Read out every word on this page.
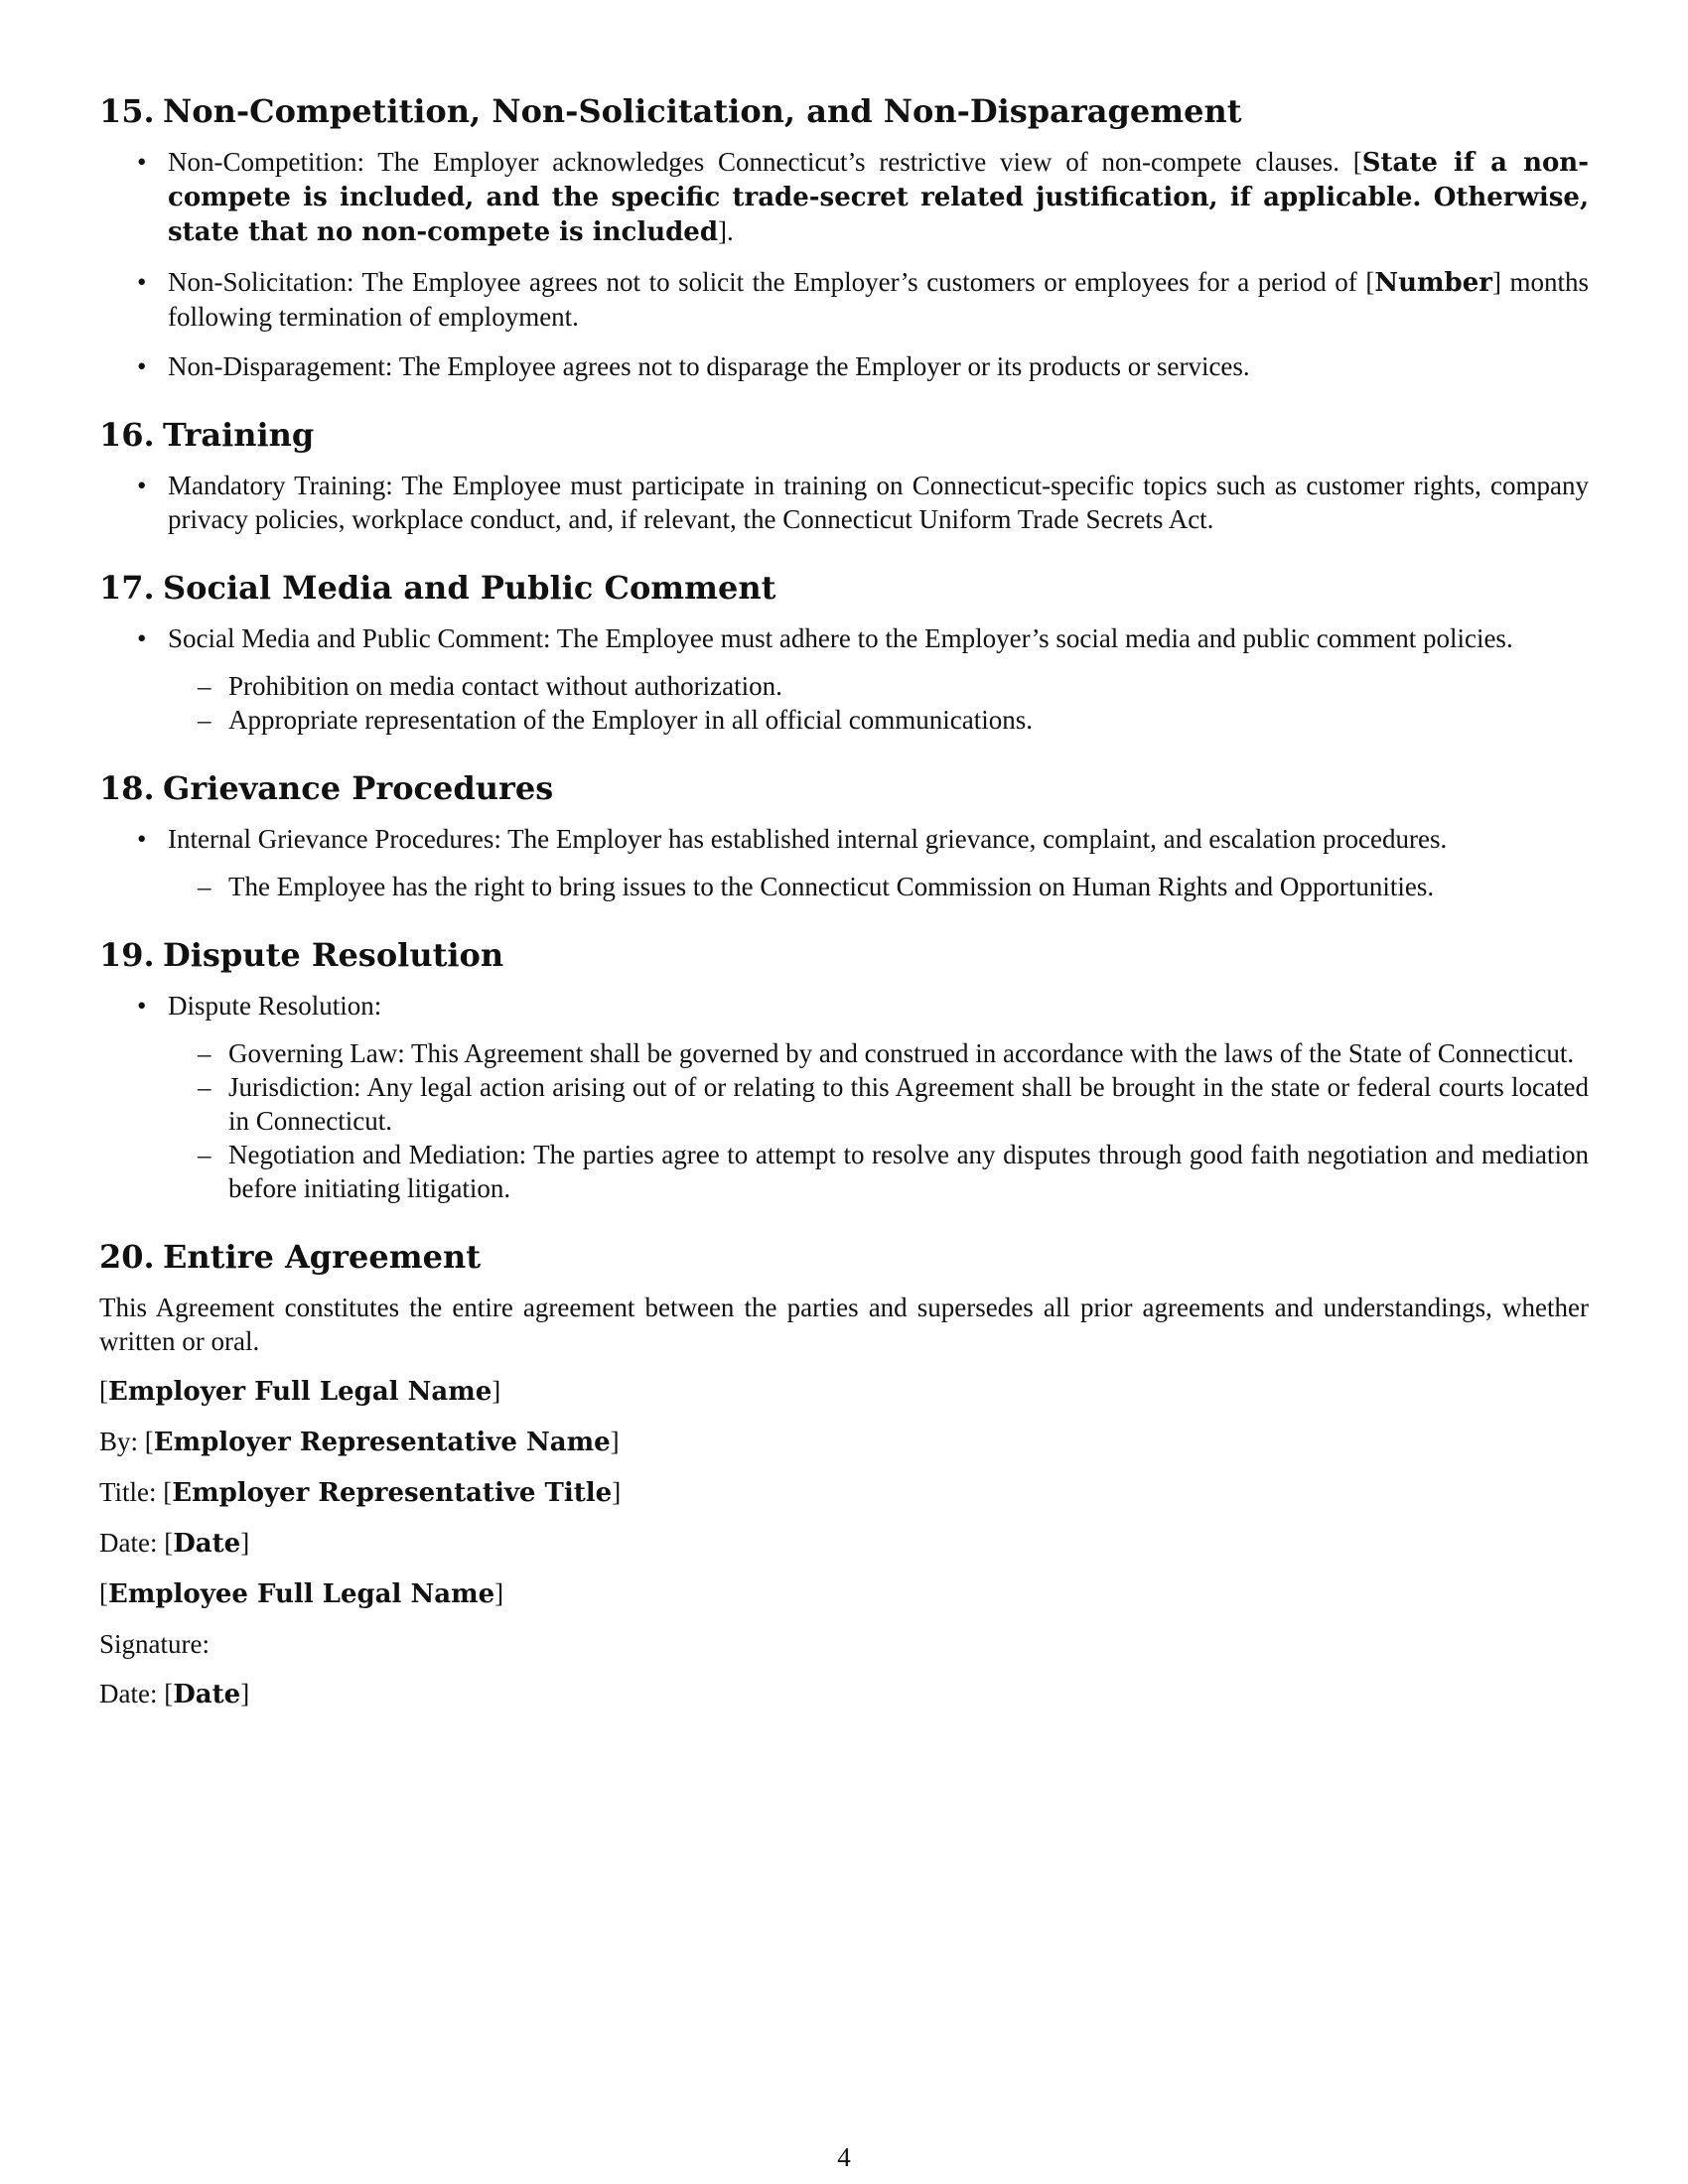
15. Non-Competition, Non-Solicitation, and Non-Disparagement
• Non-Competition: The Employer acknowledges Connecticut’s restrictive view of non-compete clauses. [State if a non-compete is included, and the specific trade-secret related justification, if applicable. Otherwise, state that no non-compete is included].
• Non-Solicitation: The Employee agrees not to solicit the Employer’s customers or employees for a period of [Number] months following termination of employment.
• Non-Disparagement: The Employee agrees not to disparage the Employer or its products or services.
16. Training
• Mandatory Training: The Employee must participate in training on Connecticut-specific topics such as customer rights, company privacy policies, workplace conduct, and, if relevant, the Connecticut Uniform Trade Secrets Act.
17. Social Media and Public Comment
• Social Media and Public Comment: The Employee must adhere to the Employer’s social media and public comment policies.
– Prohibition on media contact without authorization.
– Appropriate representation of the Employer in all official communications.
18. Grievance Procedures
• Internal Grievance Procedures: The Employer has established internal grievance, complaint, and escalation procedures.
– The Employee has the right to bring issues to the Connecticut Commission on Human Rights and Opportunities.
19. Dispute Resolution
• Dispute Resolution:
– Governing Law: This Agreement shall be governed by and construed in accordance with the laws of the State of Connecticut.
– Jurisdiction: Any legal action arising out of or relating to this Agreement shall be brought in the state or federal courts located in Connecticut.
– Negotiation and Mediation: The parties agree to attempt to resolve any disputes through good faith negotiation and mediation before initiating litigation.
20. Entire Agreement

This Agreement constitutes the entire agreement between the parties and supersedes all prior agreements and understandings, whether written or oral.

[Employer Full Legal Name]
By: [Employer Representative Name]
Title: [Employer Representative Title]
Date: [Date]
[Employee Full Legal Name]
Signature:
Date: [Date]
4
